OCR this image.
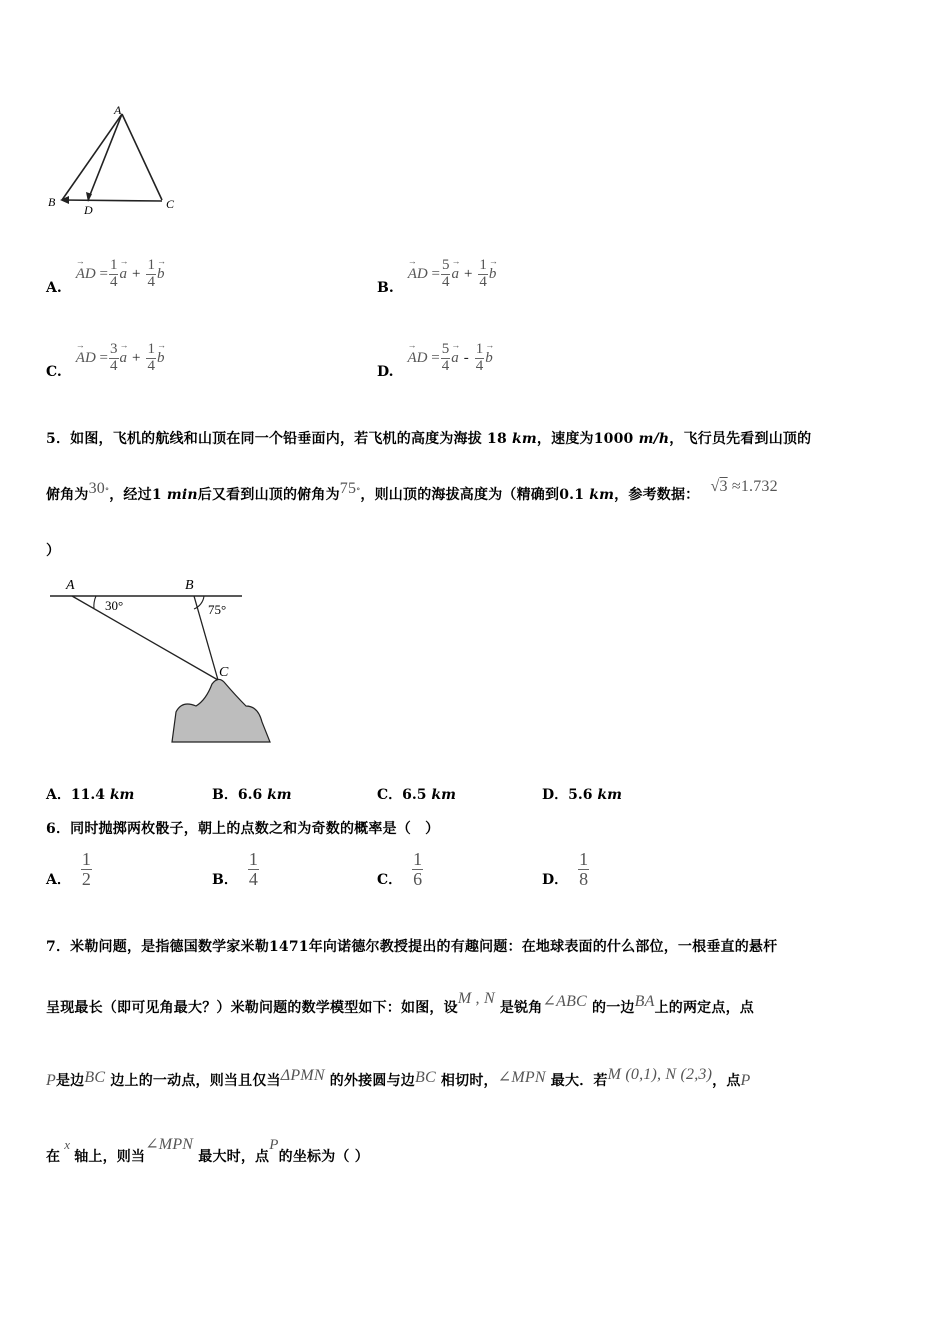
A
B
D	C
A.
→ AD = $\frac{1}{4} \to a + \frac{1}{4} \to b$
B.
→ AD = $\frac{5}{4} \to a + \frac{1}{4} \to b$
C.
→ AD = $\frac{3}{4} \to a + \frac{1}{4} \to b$
D.
→ AD = $\frac{5}{4} \to a - \frac{1}{4} \to b$
5．如图，飞机的航线和山顶在同一个铅垂面内，若飞机的高度为海拔 18 km，速度为1000 m/h，飞行员先看到山顶的
俯角为30°，经过1 min后又看到山顶的俯角为75°，则山顶的海拔高度为（精确到0.1 km，参考数据： √3 ≈1.732
）
A	B
C
30°	75°
A．11.4 km	B．6.6 km	C．6.5 km	D．5.6 km
6．同时抛掷两枚骰子，朝上的点数之和为奇数的概率是（　）
A． $\frac{1}{2}$	B． $\frac{1}{4}$	C． $\frac{1}{6}$	D． $\frac{1}{8}$
7．米勒问题，是指德国数学家米勒1471年向诺德尔教授提出的有趣问题：在地球表面的什么部位，一根垂直的悬杆
呈现最长（即可见角最大？）米勒问题的数学模型如下：如图，设M , N 是锐角∠ABC 的一边BA上的两定点，点
P是边BC 边上的一动点，则当且仅当ΔPMN 的外接圆与边BC 相切时，∠MPN 最大．若M (0,1), N (2,3)，点P
在x轴上，则当∠MPN 最大时，点P的坐标为（ ）
